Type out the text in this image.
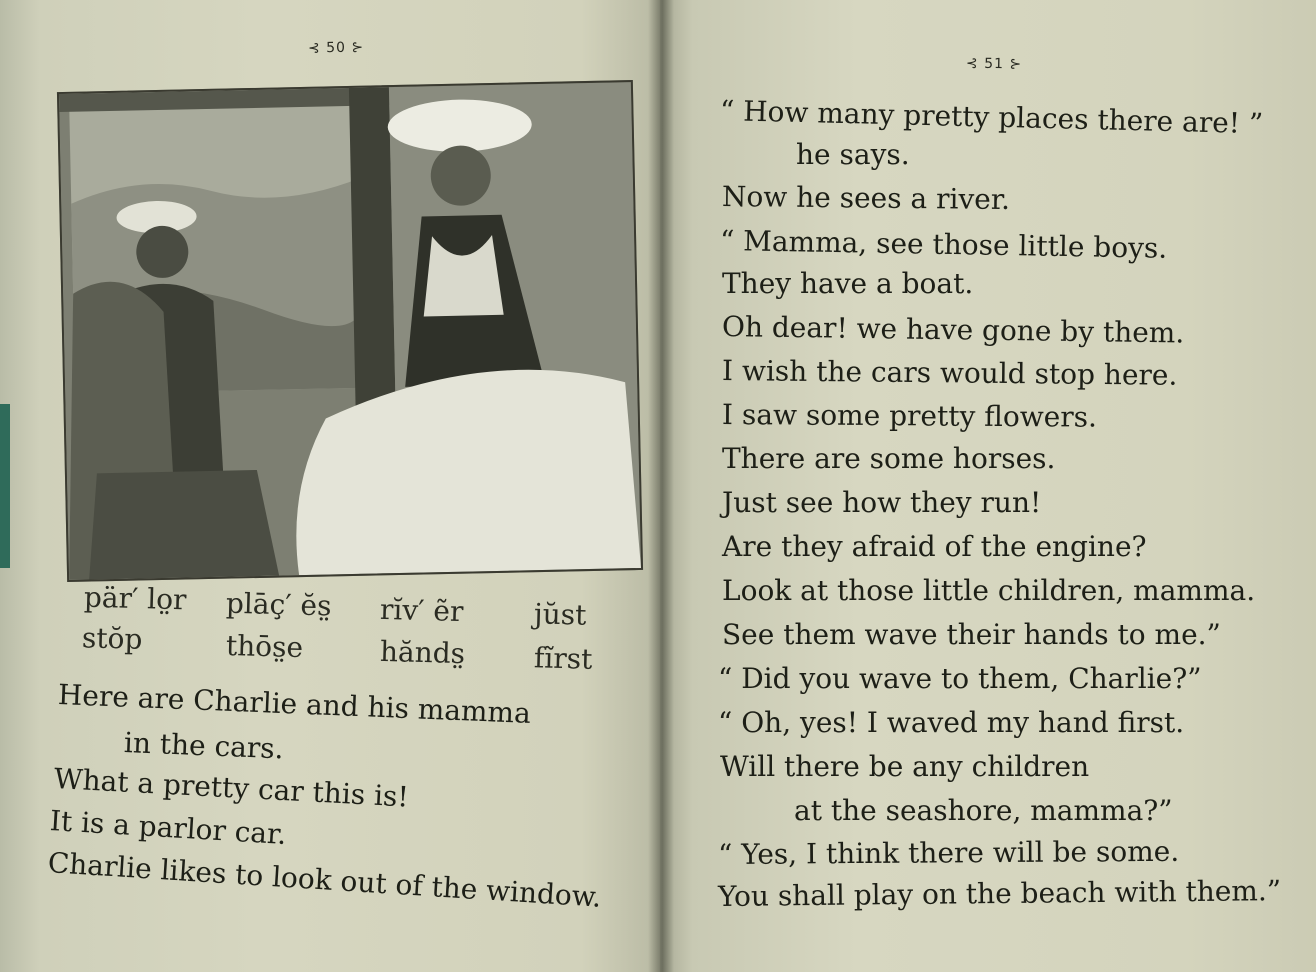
⊰ 50 ⊱
pär′ lo̤r plāç′ ĕs̤ rĭv′ ẽr jŭst
stŏp	thōs̤e	hănds̤ fĩrst
Here are Charlie and his mamma
in the cars.
What a pretty car this is!
It is a parlor car.
Charlie likes to look out of the window.
⊰ 51 ⊱
“ How many pretty places there are! ”
he says.
Now he sees a river.
“ Mamma, see those little boys.
They have a boat.
Oh dear! we have gone by them.
I wish the cars would stop here.
I saw some pretty flowers.
There are some horses.
Just see how they run!
Are they afraid of the engine?
Look at those little children, mamma.
See them wave their hands to me.”
“ Did you wave to them, Charlie?”
“ Oh, yes! I waved my hand first.
Will there be any children
at the seashore, mamma?”
“ Yes, I think there will be some.
You shall play on the beach with them.”
